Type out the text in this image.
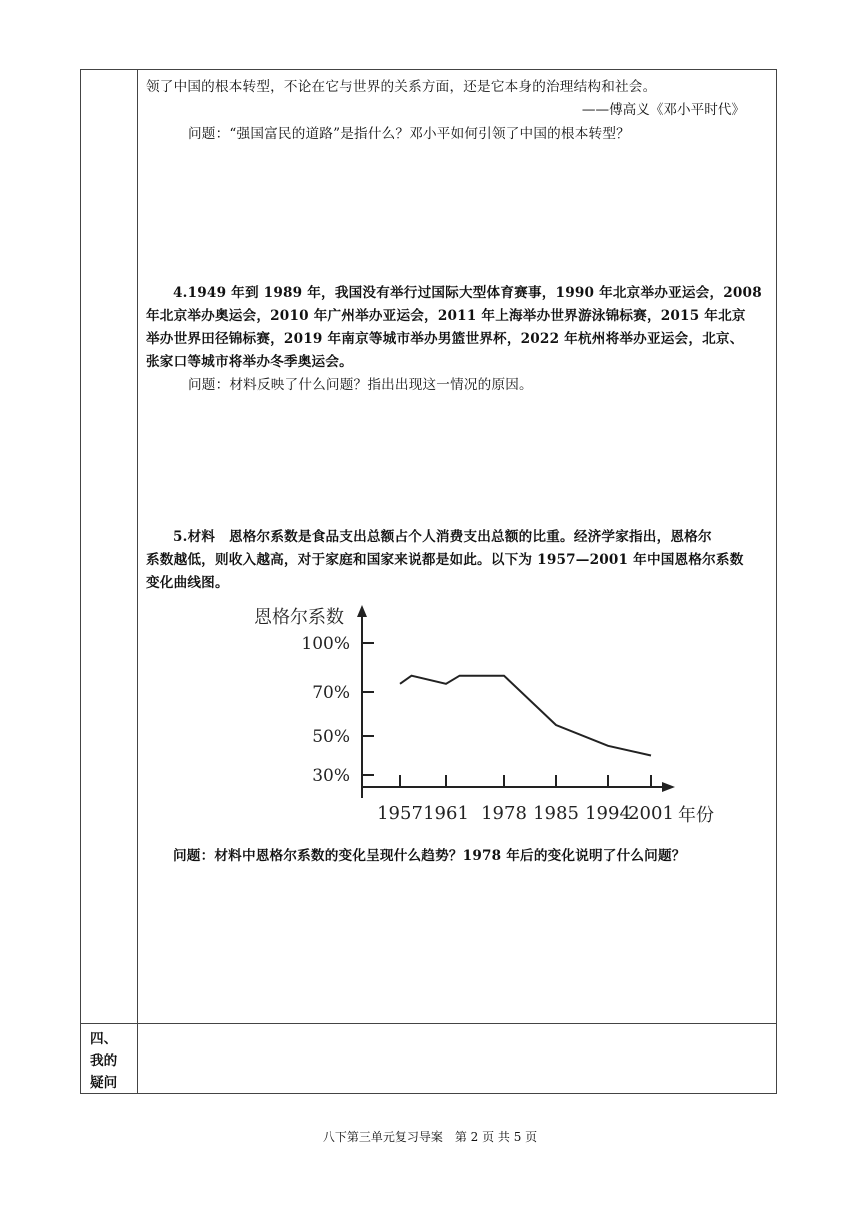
领了中国的根本转型，不论在它与世界的关系方面，还是它本身的治理结构和社会。
——傅高义《邓小平时代》
问题：“强国富民的道路”是指什么？邓小平如何引领了中国的根本转型？
4.1949 年到 1989 年，我国没有举行过国际大型体育赛事，1990 年北京举办亚运会，2008
年北京举办奥运会，2010 年广州举办亚运会，2011 年上海举办世界游泳锦标赛，2015 年北京
举办世界田径锦标赛，2019 年南京等城市举办男篮世界杯，2022 年杭州将举办亚运会，北京、
张家口等城市将举办冬季奥运会。
问题：材料反映了什么问题？指出出现这一情况的原因。
5.材料　恩格尔系数是食品支出总额占个人消费支出总额的比重。经济学家指出，恩格尔
系数越低，则收入越高，对于家庭和国家来说都是如此。以下为 1957—2001 年中国恩格尔系数
变化曲线图。
恩格尔系数
年份
100%
70%
50%
30%
1957 1961 1978 1985 1994
2001
问题：材料中恩格尔系数的变化呈现什么趋势？1978 年后的变化说明了什么问题？
四、我的疑问
八下第三单元复习导案　第 2 页 共 5 页
